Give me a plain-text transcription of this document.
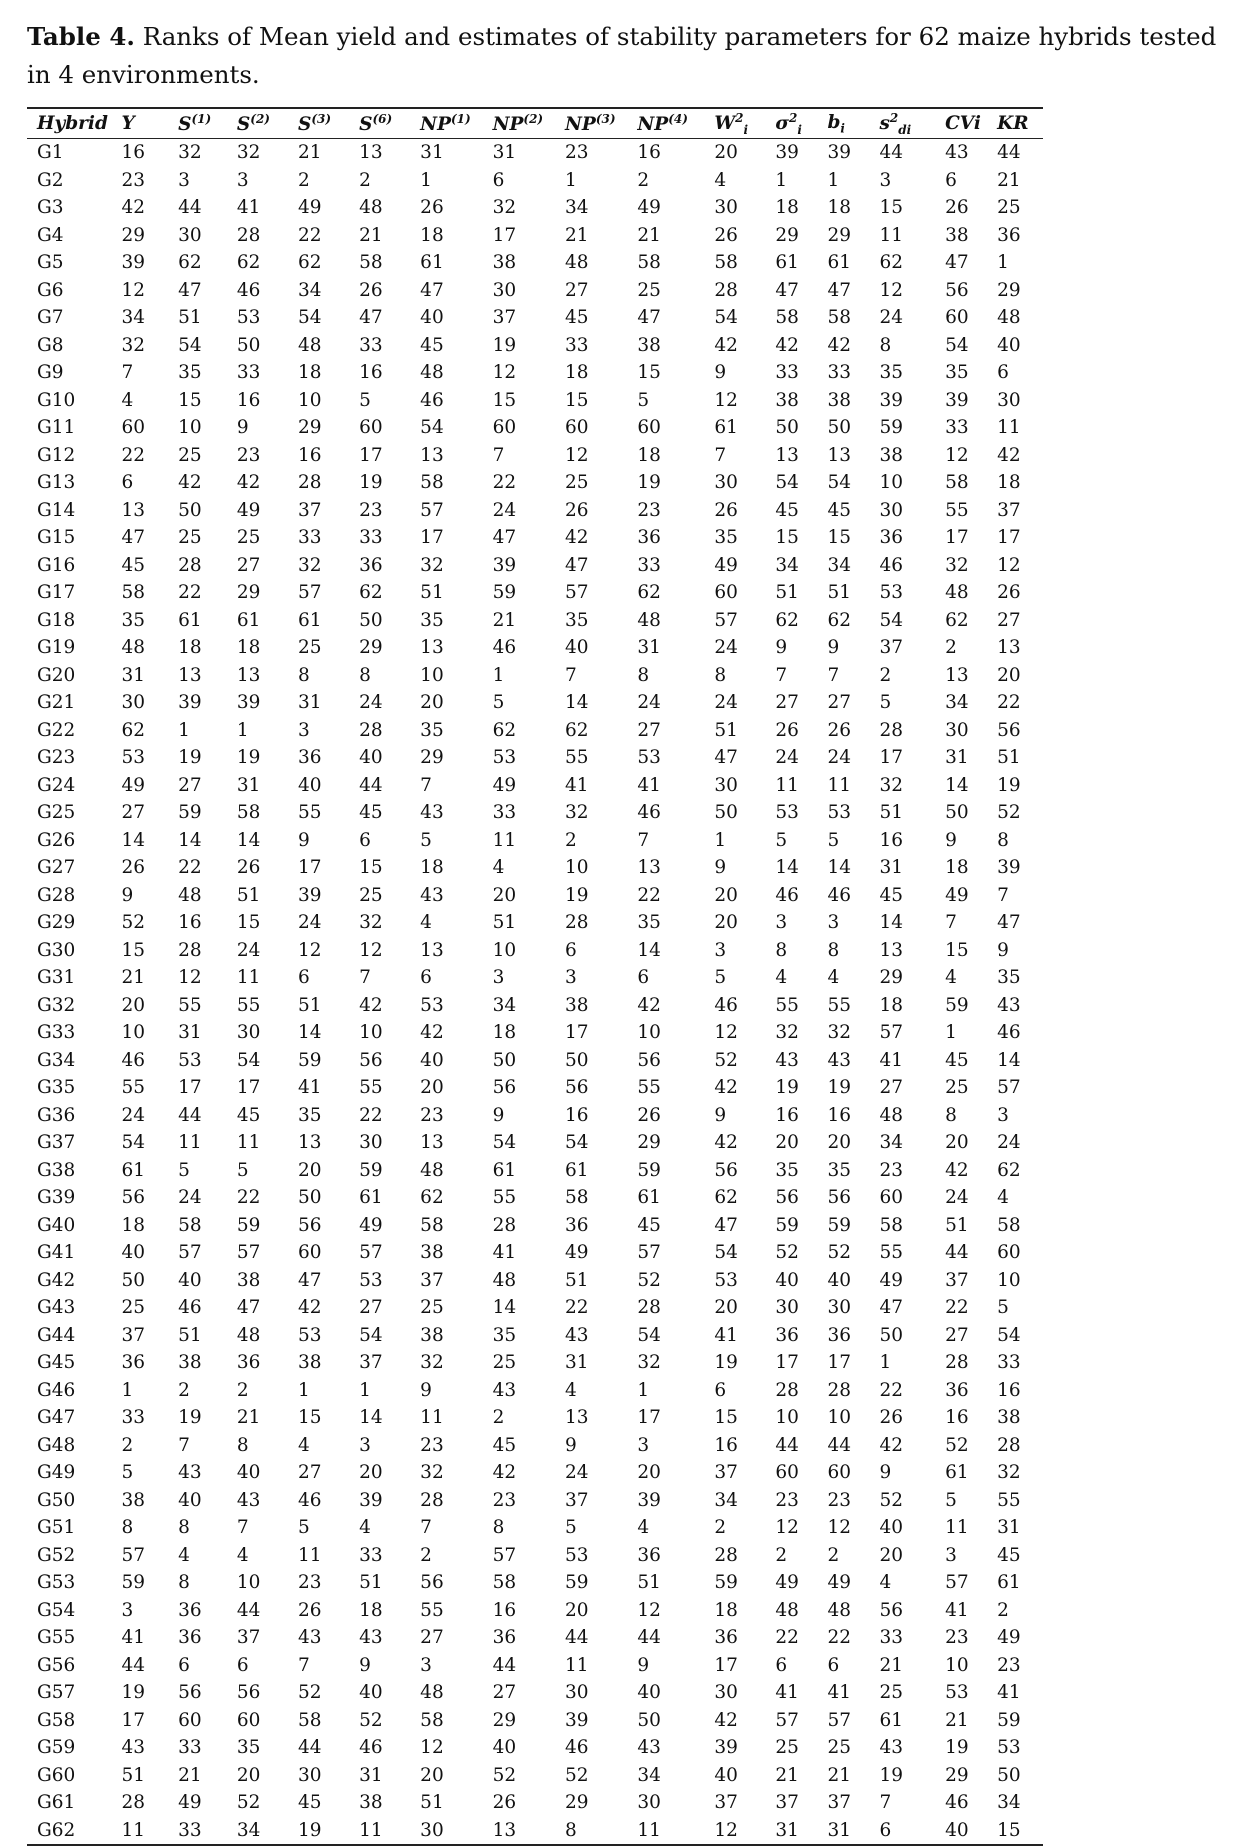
Table 4. Ranks of Mean yield and estimates of stability parameters for 62 maize hybrids tested in 4 environments.
Hybrid	Y	$S^{(1)}$	$S^{(2)}$	$S^{(3)}$	$S^{(6)}$	NP$^{(1)}$	NP$^{(2)}$	NP$^{(3)}$	NP$^{(4)}$	$W^2_i$	$\sigma^2_i$	$b_i$	$s^2_{di}$	CVi	KR
G1	16	32	32	21	13	31	31	23	16	20	39	39	44	43	44
G2	23	3	3	2	2	1	6	1	2	4	1	1	3	6	21
G3	42	44	41	49	48	26	32	34	49	30	18	18	15	26	25
G4	29	30	28	22	21	18	17	21	21	26	29	29	11	38	36
G5	39	62	62	62	58	61	38	48	58	58	61	61	62	47	1
G6	12	47	46	34	26	47	30	27	25	28	47	47	12	56	29
G7	34	51	53	54	47	40	37	45	47	54	58	58	24	60	48
G8	32	54	50	48	33	45	19	33	38	42	42	42	8	54	40
G9	7	35	33	18	16	48	12	18	15	9	33	33	35	35	6
G10	4	15	16	10	5	46	15	15	5	12	38	38	39	39	30
G11	60	10	9	29	60	54	60	60	60	61	50	50	59	33	11
G12	22	25	23	16	17	13	7	12	18	7	13	13	38	12	42
G13	6	42	42	28	19	58	22	25	19	30	54	54	10	58	18
G14	13	50	49	37	23	57	24	26	23	26	45	45	30	55	37
G15	47	25	25	33	33	17	47	42	36	35	15	15	36	17	17
G16	45	28	27	32	36	32	39	47	33	49	34	34	46	32	12
G17	58	22	29	57	62	51	59	57	62	60	51	51	53	48	26
G18	35	61	61	61	50	35	21	35	48	57	62	62	54	62	27
G19	48	18	18	25	29	13	46	40	31	24	9	9	37	2	13
G20	31	13	13	8	8	10	1	7	8	8	7	7	2	13	20
G21	30	39	39	31	24	20	5	14	24	24	27	27	5	34	22
G22	62	1	1	3	28	35	62	62	27	51	26	26	28	30	56
G23	53	19	19	36	40	29	53	55	53	47	24	24	17	31	51
G24	49	27	31	40	44	7	49	41	41	30	11	11	32	14	19
G25	27	59	58	55	45	43	33	32	46	50	53	53	51	50	52
G26	14	14	14	9	6	5	11	2	7	1	5	5	16	9	8
G27	26	22	26	17	15	18	4	10	13	9	14	14	31	18	39
G28	9	48	51	39	25	43	20	19	22	20	46	46	45	49	7
G29	52	16	15	24	32	4	51	28	35	20	3	3	14	7	47
G30	15	28	24	12	12	13	10	6	14	3	8	8	13	15	9
G31	21	12	11	6	7	6	3	3	6	5	4	4	29	4	35
G32	20	55	55	51	42	53	34	38	42	46	55	55	18	59	43
G33	10	31	30	14	10	42	18	17	10	12	32	32	57	1	46
G34	46	53	54	59	56	40	50	50	56	52	43	43	41	45	14
G35	55	17	17	41	55	20	56	56	55	42	19	19	27	25	57
G36	24	44	45	35	22	23	9	16	26	9	16	16	48	8	3
G37	54	11	11	13	30	13	54	54	29	42	20	20	34	20	24
G38	61	5	5	20	59	48	61	61	59	56	35	35	23	42	62
G39	56	24	22	50	61	62	55	58	61	62	56	56	60	24	4
G40	18	58	59	56	49	58	28	36	45	47	59	59	58	51	58
G41	40	57	57	60	57	38	41	49	57	54	52	52	55	44	60
G42	50	40	38	47	53	37	48	51	52	53	40	40	49	37	10
G43	25	46	47	42	27	25	14	22	28	20	30	30	47	22	5
G44	37	51	48	53	54	38	35	43	54	41	36	36	50	27	54
G45	36	38	36	38	37	32	25	31	32	19	17	17	1	28	33
G46	1	2	2	1	1	9	43	4	1	6	28	28	22	36	16
G47	33	19	21	15	14	11	2	13	17	15	10	10	26	16	38
G48	2	7	8	4	3	23	45	9	3	16	44	44	42	52	28
G49	5	43	40	27	20	32	42	24	20	37	60	60	9	61	32
G50	38	40	43	46	39	28	23	37	39	34	23	23	52	5	55
G51	8	8	7	5	4	7	8	5	4	2	12	12	40	11	31
G52	57	4	4	11	33	2	57	53	36	28	2	2	20	3	45
G53	59	8	10	23	51	56	58	59	51	59	49	49	4	57	61
G54	3	36	44	26	18	55	16	20	12	18	48	48	56	41	2
G55	41	36	37	43	43	27	36	44	44	36	22	22	33	23	49
G56	44	6	6	7	9	3	44	11	9	17	6	6	21	10	23
G57	19	56	56	52	40	48	27	30	40	30	41	41	25	53	41
G58	17	60	60	58	52	58	29	39	50	42	57	57	61	21	59
G59	43	33	35	44	46	12	40	46	43	39	25	25	43	19	53
G60	51	21	20	30	31	20	52	52	34	40	21	21	19	29	50
G61	28	49	52	45	38	51	26	29	30	37	37	37	7	46	34
G62	11	33	34	19	11	30	13	8	11	12	31	31	6	40	15
